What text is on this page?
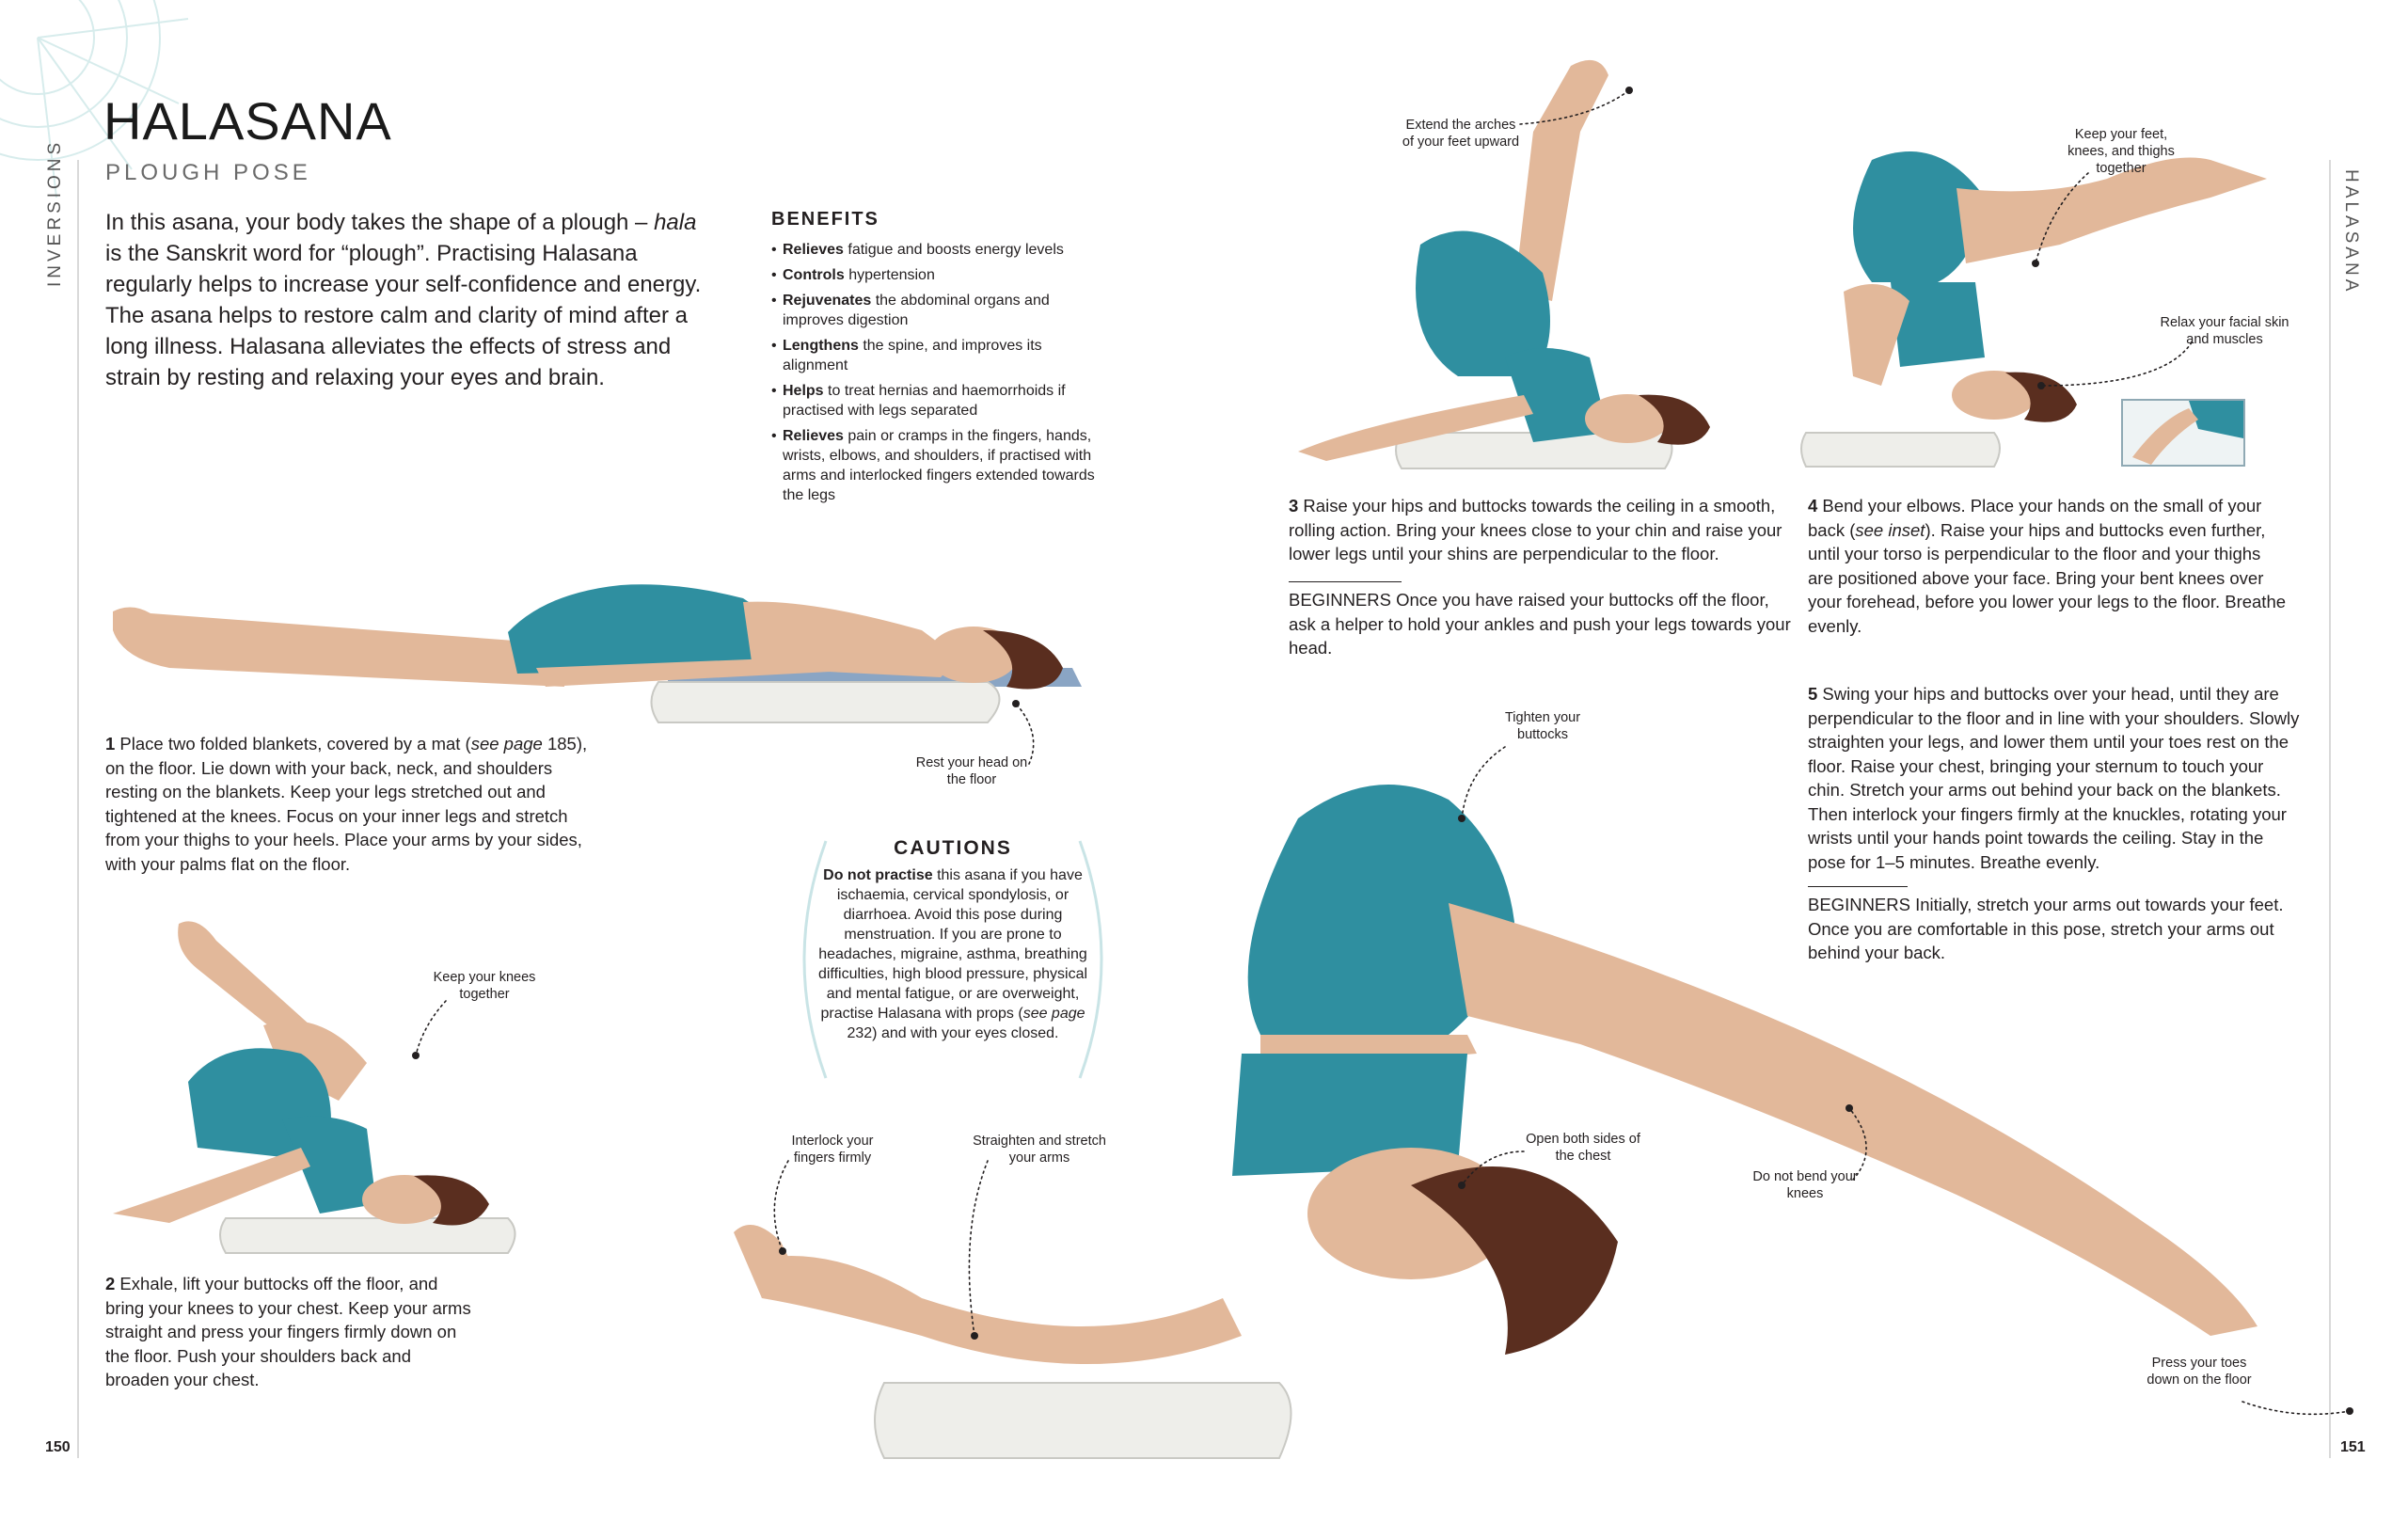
INVERSIONS	HALASANA
150	151
HALASANA
PLOUGH POSE
In this asana, your body takes the shape of a plough – hala is the Sanskrit word for “plough”. Practising Halasana regularly helps to increase your self-confidence and energy. The asana helps to restore calm and clarity of mind after a long illness. Halasana alleviates the effects of stress and strain by resting and relaxing your eyes and brain.
BENEFITS
• Relieves fatigue and boosts energy levels
• Controls hypertension
• Rejuvenates the abdominal organs and improves digestion
• Lengthens the spine, and improves its alignment
• Helps to treat hernias and haemorrhoids if practised with legs separated
• Relieves pain or cramps in the fingers, hands, wrists, elbows, and shoulders, if practised with arms and interlocked fingers extended towards the legs
CAUTIONS
Do not practise this asana if you have ischaemia, cervical spondylosis, or diarrhoea. Avoid this pose during menstruation. If you are prone to headaches, migraine, asthma, breathing difficulties, high blood pressure, physical and mental fatigue, or are overweight, practise Halasana with props (see page 232) and with your eyes closed.
Rest your head on the floor
1 Place two folded blankets, covered by a mat (see page 185), on the floor. Lie down with your back, neck, and shoulders resting on the blankets. Keep your legs stretched out and tightened at the knees. Focus on your inner legs and stretch from your thighs to your heels. Place your arms by your sides, with your palms flat on the floor.
Keep your knees together
2 Exhale, lift your buttocks off the floor, and bring your knees to your chest. Keep your arms straight and press your fingers firmly down on the floor. Push your shoulders back and broaden your chest.
Extend the arches of your feet upward
3 Raise your hips and buttocks towards the ceiling in a smooth, rolling action. Bring your knees close to your chin and raise your lower legs until your shins are perpendicular to the floor.
BEGINNERS Once you have raised your buttocks off the floor, ask a helper to hold your ankles and push your legs towards your head.
Keep your feet, knees, and thighs together
Relax your facial skin and muscles
4 Bend your elbows. Place your hands on the small of your back (see inset). Raise your hips and buttocks even further, until your torso is perpendicular to the floor and your thighs are positioned above your face. Bring your bent knees over your forehead, before you lower your legs to the floor. Breathe evenly.
5 Swing your hips and buttocks over your head, until they are perpendicular to the floor and in line with your shoulders. Slowly straighten your legs, and lower them until your toes rest on the floor. Raise your chest, bringing your sternum to touch your chin. Stretch your arms out behind your back on the blankets. Then interlock your fingers firmly at the knuckles, rotating your wrists until your hands point towards the ceiling. Stay in the pose for 1–5 minutes. Breathe evenly.
BEGINNERS Initially, stretch your arms out towards your feet. Once you are comfortable in this pose, stretch your arms out behind your back.
Tighten your buttocks
Open both sides of the chest
Do not bend your knees
Interlock your fingers firmly
Straighten and stretch your arms
Press your toes down on the floor
